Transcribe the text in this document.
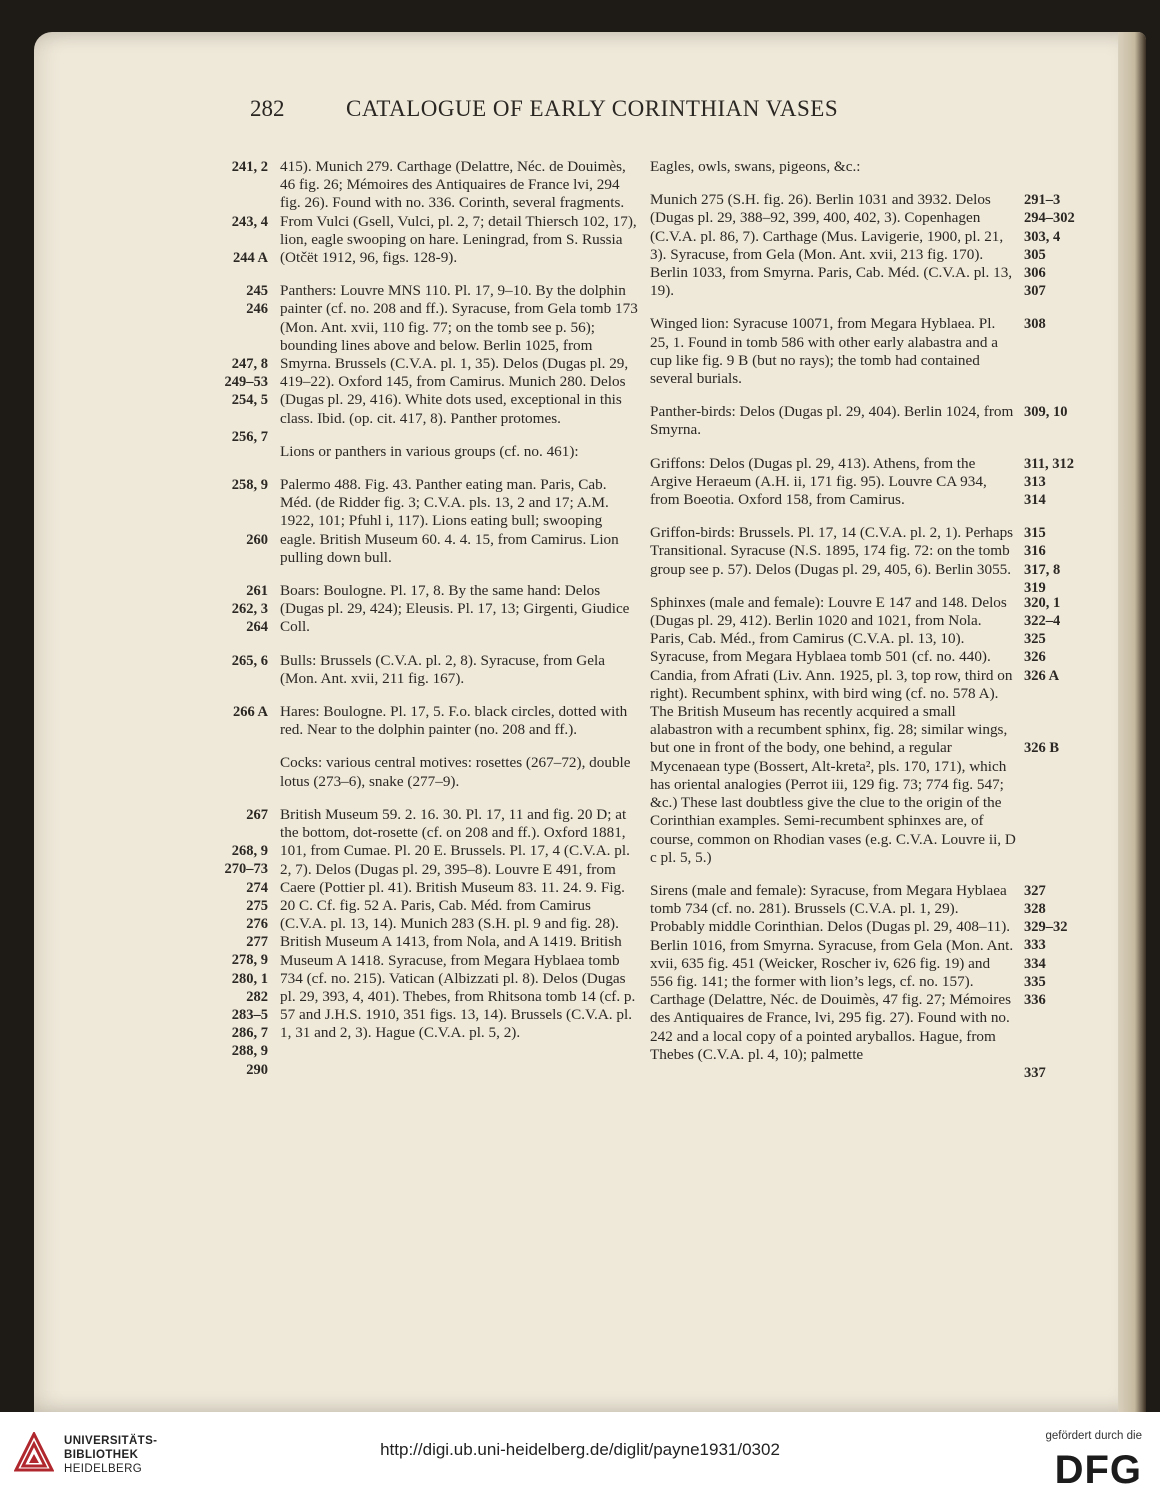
282	CATALOGUE OF EARLY CORINTHIAN VASES
241, 2
243, 4
244 A
415). Munich 279. Carthage (Delattre, Néc. de Douimès, 46 fig. 26; Mémoires des Antiquaires de France lvi, 294 fig. 26). Found with no. 336. Corinth, several fragments. From Vulci (Gsell, Vulci, pl. 2, 7; detail Thiersch 102, 17), lion, eagle swooping on hare. Leningrad, from S. Russia (Otčët 1912, 96, figs. 128-9).
245
246
247, 8
249–53
254, 5
256, 7
Panthers: Louvre MNS 110. Pl. 17, 9–10. By the dolphin painter (cf. no. 208 and ff.). Syracuse, from Gela tomb 173 (Mon. Ant. xvii, 110 fig. 77; on the tomb see p. 56); bounding lines above and below. Berlin 1025, from Smyrna. Brussels (C.V.A. pl. 1, 35). Delos (Dugas pl. 29, 419–22). Oxford 145, from Camirus. Munich 280. Delos (Dugas pl. 29, 416). White dots used, exceptional in this class. Ibid. (op. cit. 417, 8). Panther protomes.
Lions or panthers in various groups (cf. no. 461):
258, 9
260
Palermo 488. Fig. 43. Panther eating man. Paris, Cab. Méd. (de Ridder fig. 3; C.V.A. pls. 13, 2 and 17; A.M. 1922, 101; Pfuhl i, 117). Lions eating bull; swooping eagle. British Museum 60. 4. 4. 15, from Camirus. Lion pulling down bull.
261
262, 3
264
Boars: Boulogne. Pl. 17, 8. By the same hand: Delos (Dugas pl. 29, 424); Eleusis. Pl. 17, 13; Girgenti, Giudice Coll.
265, 6 Bulls: Brussels (C.V.A. pl. 2, 8). Syracuse, from Gela (Mon. Ant. xvii, 211 fig. 167).
266 A Hares: Boulogne. Pl. 17, 5. F.o. black circles, dotted with red. Near to the dolphin painter (no. 208 and ff.).
Cocks: various central motives: rosettes (267–72), double lotus (273–6), snake (277–9).
267
268, 9
270–73
274
275
276
277
278, 9
280, 1
282
283–5
286, 7
288, 9
290
British Museum 59. 2. 16. 30. Pl. 17, 11 and fig. 20 D; at the bottom, dot-rosette (cf. on 208 and ff.). Oxford 1881, 101, from Cumae. Pl. 20 E. Brussels. Pl. 17, 4 (C.V.A. pl. 2, 7). Delos (Dugas pl. 29, 395–8). Louvre E 491, from Caere (Pottier pl. 41). British Museum 83. 11. 24. 9. Fig. 20 C. Cf. fig. 52 A. Paris, Cab. Méd. from Camirus (C.V.A. pl. 13, 14). Munich 283 (S.H. pl. 9 and fig. 28). British Museum A 1413, from Nola, and A 1419. British Museum A 1418. Syracuse, from Megara Hyblaea tomb 734 (cf. no. 215). Vatican (Albizzati pl. 8). Delos (Dugas pl. 29, 393, 4, 401). Thebes, from Rhitsona tomb 14 (cf. p. 57 and J.H.S. 1910, 351 figs. 13, 14). Brussels (C.V.A. pl. 1, 31 and 2, 3). Hague (C.V.A. pl. 5, 2).
Eagles, owls, swans, pigeons, &c.:
291–3
294–302
303, 4
305
306
307
Munich 275 (S.H. fig. 26). Berlin 1031 and 3932. Delos (Dugas pl. 29, 388–92, 399, 400, 402, 3). Copenhagen (C.V.A. pl. 86, 7). Carthage (Mus. Lavigerie, 1900, pl. 21, 3). Syracuse, from Gela (Mon. Ant. xvii, 213 fig. 170). Berlin 1033, from Smyrna. Paris, Cab. Méd. (C.V.A. pl. 13, 19).
308
Winged lion: Syracuse 10071, from Megara Hyblaea. Pl. 25, 1. Found in tomb 586 with other early alabastra and a cup like fig. 9 B (but no rays); the tomb had contained several burials.
309, 10
Panther-birds: Delos (Dugas pl. 29, 404). Berlin 1024, from Smyrna.
311, 312
313
314
Griffons: Delos (Dugas pl. 29, 413). Athens, from the Argive Heraeum (A.H. ii, 171 fig. 95). Louvre CA 934, from Boeotia. Oxford 158, from Camirus.
315
316
317, 8
319
Griffon-birds: Brussels. Pl. 17, 14 (C.V.A. pl. 2, 1). Perhaps Transitional. Syracuse (N.S. 1895, 174 fig. 72: on the tomb group see p. 57). Delos (Dugas pl. 29, 405, 6). Berlin 3055.
320, 1
322–4
325
326
326 A
326 B
Sphinxes (male and female): Louvre E 147 and 148. Delos (Dugas pl. 29, 412). Berlin 1020 and 1021, from Nola. Paris, Cab. Méd., from Camirus (C.V.A. pl. 13, 10). Syracuse, from Megara Hyblaea tomb 501 (cf. no. 440). Candia, from Afrati (Liv. Ann. 1925, pl. 3, top row, third on right). Recumbent sphinx, with bird wing (cf. no. 578 A). The British Museum has recently acquired a small alabastron with a recumbent sphinx, fig. 28; similar wings, but one in front of the body, one behind, a regular Mycenaean type (Bossert, Alt-kreta², pls. 170, 171), which has oriental analogies (Perrot iii, 129 fig. 73; 774 fig. 547; &c.) These last doubtless give the clue to the origin of the Corinthian examples. Semi-recumbent sphinxes are, of course, common on Rhodian vases (e.g. C.V.A. Louvre ii, D c pl. 5, 5.)
327
328
329–32
333
334
335
336
337
Sirens (male and female): Syracuse, from Megara Hyblaea tomb 734 (cf. no. 281). Brussels (C.V.A. pl. 1, 29). Probably middle Corinthian. Delos (Dugas pl. 29, 408–11). Berlin 1016, from Smyrna. Syracuse, from Gela (Mon. Ant. xvii, 635 fig. 451 (Weicker, Roscher iv, 626 fig. 19) and 556 fig. 141; the former with lion’s legs, cf. no. 157). Carthage (Delattre, Néc. de Douimès, 47 fig. 27; Mémoires des Antiquaires de France, lvi, 295 fig. 27). Found with no. 242 and a local copy of a pointed aryballos. Hague, from Thebes (C.V.A. pl. 4, 10); palmette
UNIVERSITÄTS-
BIBLIOTHEK
HEIDELBERG
http://digi.ub.uni-heidelberg.de/diglit/payne1931/0302
gefördert durch die
DFG
